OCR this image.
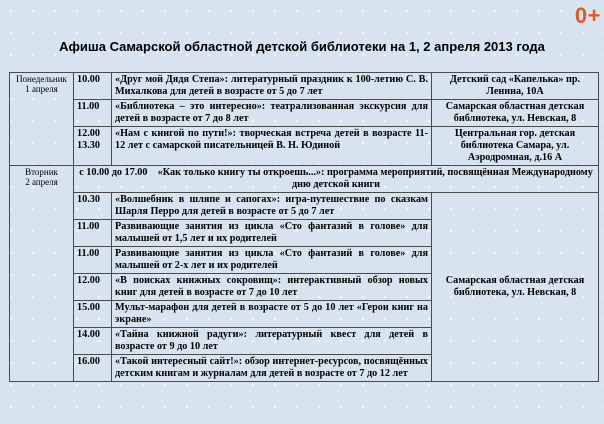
0+
Афиша Самарской областной детской библиотеки на 1, 2 апреля 2013 года
Понедельник
1 апреля	10.00	«Друг мой Дядя Степа»: литературный праздник к 100-летию С. В. Михалкова для детей в возрасте от 5 до 7 лет	Детский сад «Капелька» пр. Ленина, 10А
	11.00	«Библиотека – это интересно»: театрализованная экскурсия для детей в возрасте от 7 до 8 лет	Самарская областная детская библиотека, ул. Невская, 8
	12.00 13.30	«Нам с книгой по пути!»: творческая встреча детей в возрасте 11-12 лет с самарской писательницей В. Н. Юдиной	Центральная гор. детская библиотека Самара, ул. Аэродромная, д.16 А

Вторник
2 апреля	с 10.00 до 17.00 «Как только книгу ты откроешь...»: программа мероприятий, посвящённая Международному дню детской книги		
	10.30	«Волшебник в шляпе и сапогах»: игра-путешествие по сказкам Шарля Перро для детей в возрасте от 5 до 7 лет	Самарская областная детская библиотека, ул. Невская, 8
	11.00	Развивающие занятия из цикла «Сто фантазий в голове» для малышей от 1,5 лет и их родителей	
	11.00	Развивающие занятия из цикла «Сто фантазий в голове» для малышей от 2-х лет и их родителей	
	12.00	«В поисках книжных сокровищ»: интерактивный обзор новых книг для детей в возрасте от 7 до 10 лет	
	15.00	Мульт-марафон для детей в возрасте от 5 до 10 лет «Герои книг на экране»	
	14.00	«Тайна книжной радуги»: литературный квест для детей в возрасте от 9 до 10 лет	
	16.00	«Такой интересный сайт!»: обзор интернет-ресурсов, посвящённых детским книгам и журналам для детей в возрасте от 7 до 12 лет	
